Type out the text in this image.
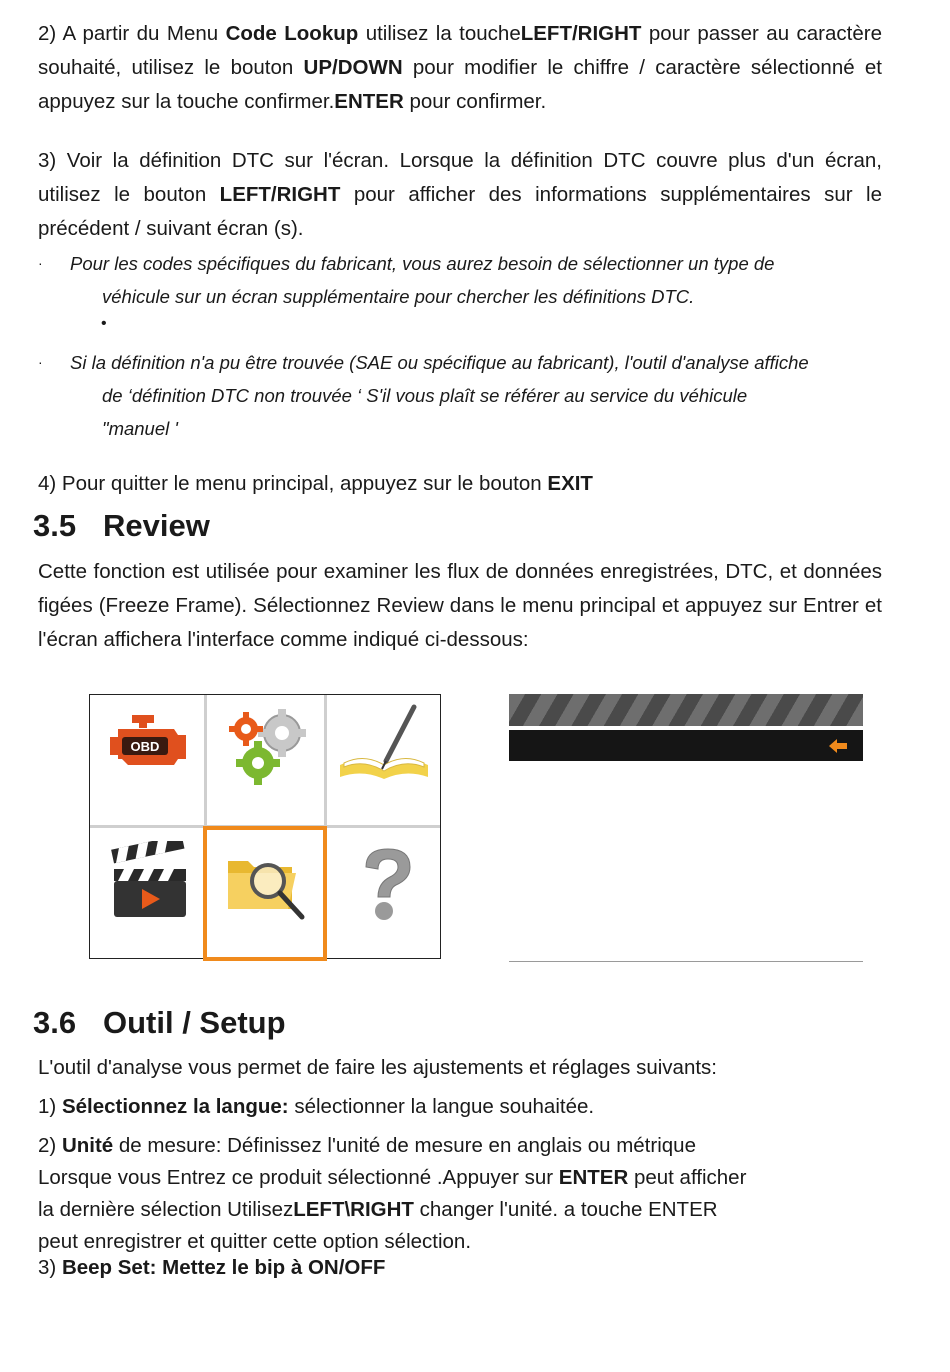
2) A partir du Menu Code Lookup utilisez la toucheLEFT/RIGHT pour passer au caractère souhaité, utilisez le bouton UP/DOWN pour modifier le chiffre / caractère sélectionné et appuyez sur la touche confirmer.ENTER pour confirmer.
3) Voir la définition DTC sur l'écran. Lorsque la définition DTC couvre plus d'un écran, utilisez le bouton LEFT/RIGHT pour afficher des informations supplémentaires sur le précédent / suivant écran (s).
· Pour les codes spécifiques du fabricant, vous aurez besoin de sélectionner un type de
véhicule sur un écran supplémentaire pour chercher les définitions DTC.
•
· Si la définition n'a pu être trouvée (SAE ou spécifique au fabricant), l'outil d'analyse affiche
de ‘définition DTC non trouvée ‘ S'il vous plaît se référer au service du véhicule
"manuel '
4) Pour quitter le menu principal, appuyez sur le bouton EXIT
3.5 Review
Cette fonction est utilisée pour examiner les flux de données enregistrées, DTC, et données figées (Freeze Frame). Sélectionnez Review dans le menu principal et appuyez sur Entrer et l'écran affichera l'interface comme indiqué ci-dessous:
OBD
3.6 Outil / Setup
L'outil d'analyse vous permet de faire les ajustements et réglages suivants:
1) Sélectionnez la langue: sélectionner la langue souhaitée.
2) Unité de mesure: Définissez l'unité de mesure en anglais ou métrique
Lorsque vous Entrez ce produit sélectionné .Appuyer sur ENTER peut afficher
la dernière sélection UtilisezLEFT\RIGHT changer l'unité. a touche ENTER
peut enregistrer et quitter cette option sélection.
3) Beep Set: Mettez le bip à ON/OFF
